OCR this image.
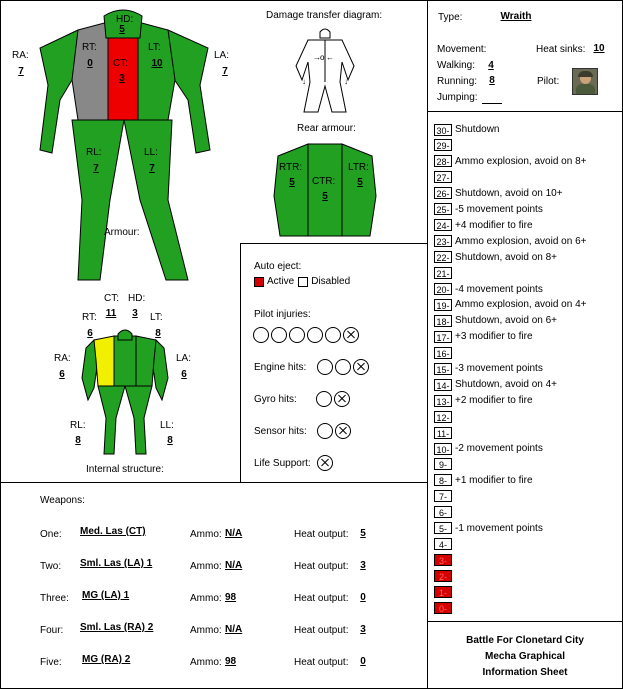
HD:
5
RT:
0	CT:
3
LT:
10
RA:
7
LA:
7
RL:
7
LL:
7
Armour:
Damage transfer diagram:
→ o ←
↓	↓
Rear armour:
RTR:
5	CTR:
5
LTR:
5
CT: HD:
RT: 11	3	LT:
6	8
RA:
6
LA:
6
RL:
8
LL:
8
Internal structure:
Auto eject:
Active Disabled
Pilot injuries:
Engine hits:
Gyro hits:
Sensor hits:
Life Support:
Type:	Wraith
Movement:	Heat sinks: 10
Walking:	4
Running:	8
Jumping:
Pilot:
30- Shutdown
29-
28- Ammo explosion, avoid on 8+
27-
26- Shutdown, avoid on 10+
25- -5 movement points
24- +4 modifier to fire
23- Ammo explosion, avoid on 6+
22- Shutdown, avoid on 8+
21-
20- -4 movement points
19- Ammo explosion, avoid on 4+
18- Shutdown, avoid on 6+
17- +3 modifier to fire
16-
15- -3 movement points
14- Shutdown, avoid on 4+
13- +2 modifier to fire
12-
11-
10- -2 movement points
9-
8- +1 modifier to fire
7-
6-
5- -1 movement points
4-
3-
2-
1-
0-
Weapons:
One: Med. Las (CT)	Ammo: N/A	Heat output:	5
Two: Sml. Las (LA) 1	Ammo: N/A	Heat output:	3
Three: MG (LA) 1	Ammo: 98	Heat output:	0
Four: Sml. Las (RA) 2	Ammo: N/A	Heat output:	3
Five: MG (RA) 2	Ammo: 98	Heat output:	0
Battle For Clonetard City
Mecha Graphical
Information Sheet
